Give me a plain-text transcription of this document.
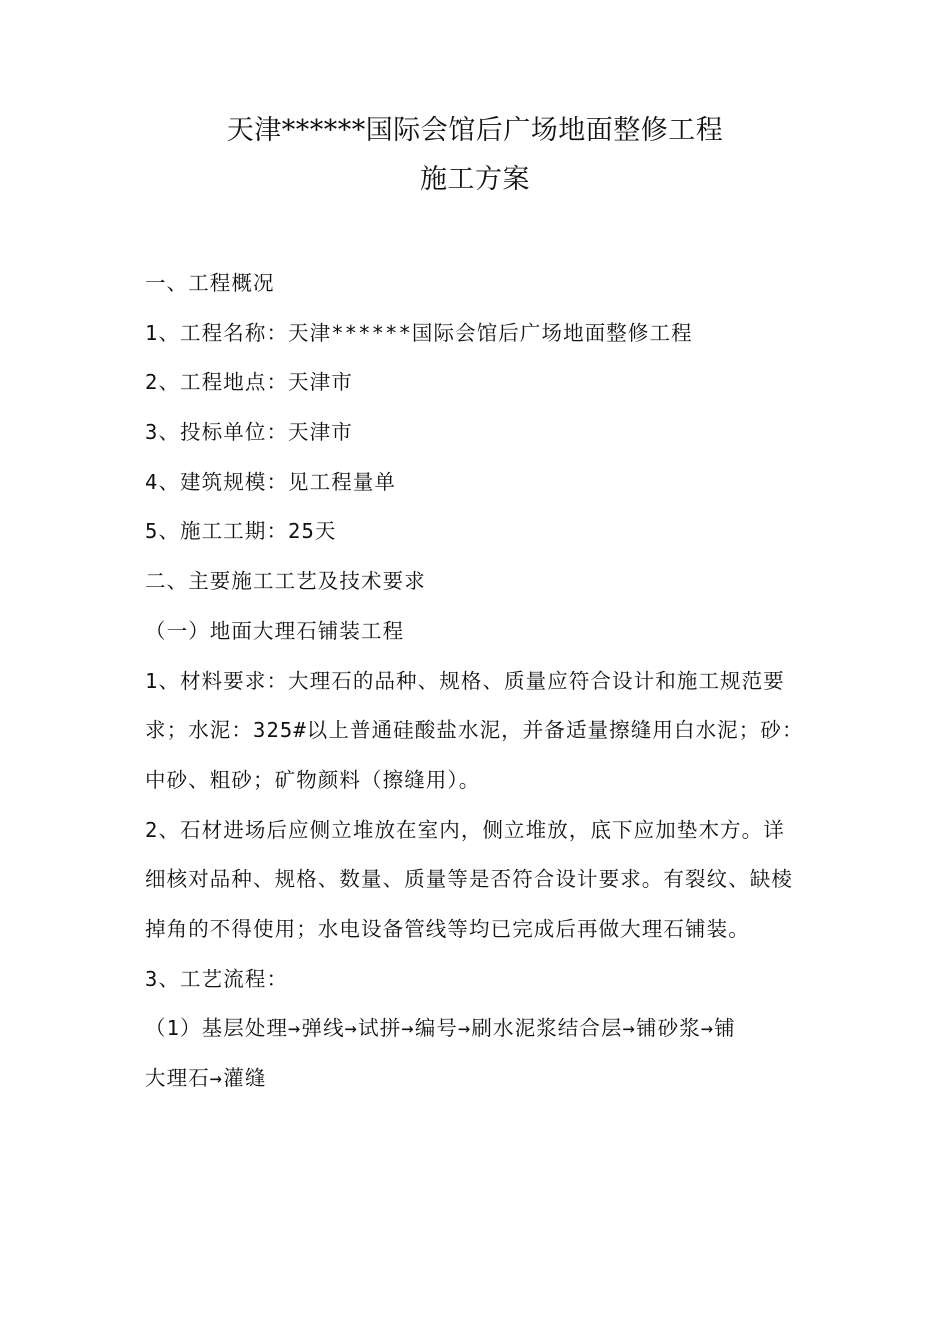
天津******国际会馆后广场地面整修工程
施工方案
一、工程概况
1、工程名称：天津******国际会馆后广场地面整修工程
2、工程地点：天津市
3、投标单位：天津市
4、建筑规模：见工程量单
5、施工工期：25天
二、主要施工工艺及技术要求
（一）地面大理石铺装工程
1、材料要求：大理石的品种、规格、质量应符合设计和施工规范要
求；水泥：325#以上普通硅酸盐水泥，并备适量擦缝用白水泥；砂：
中砂、粗砂；矿物颜料（擦缝用）。
2、石材进场后应侧立堆放在室内，侧立堆放，底下应加垫木方。详
细核对品种、规格、数量、质量等是否符合设计要求。有裂纹、缺棱
掉角的不得使用；水电设备管线等均已完成后再做大理石铺装。
3、工艺流程：
（1）基层处理→弹线→试拼→编号→刷水泥浆结合层→铺砂浆→铺
大理石→灌缝
